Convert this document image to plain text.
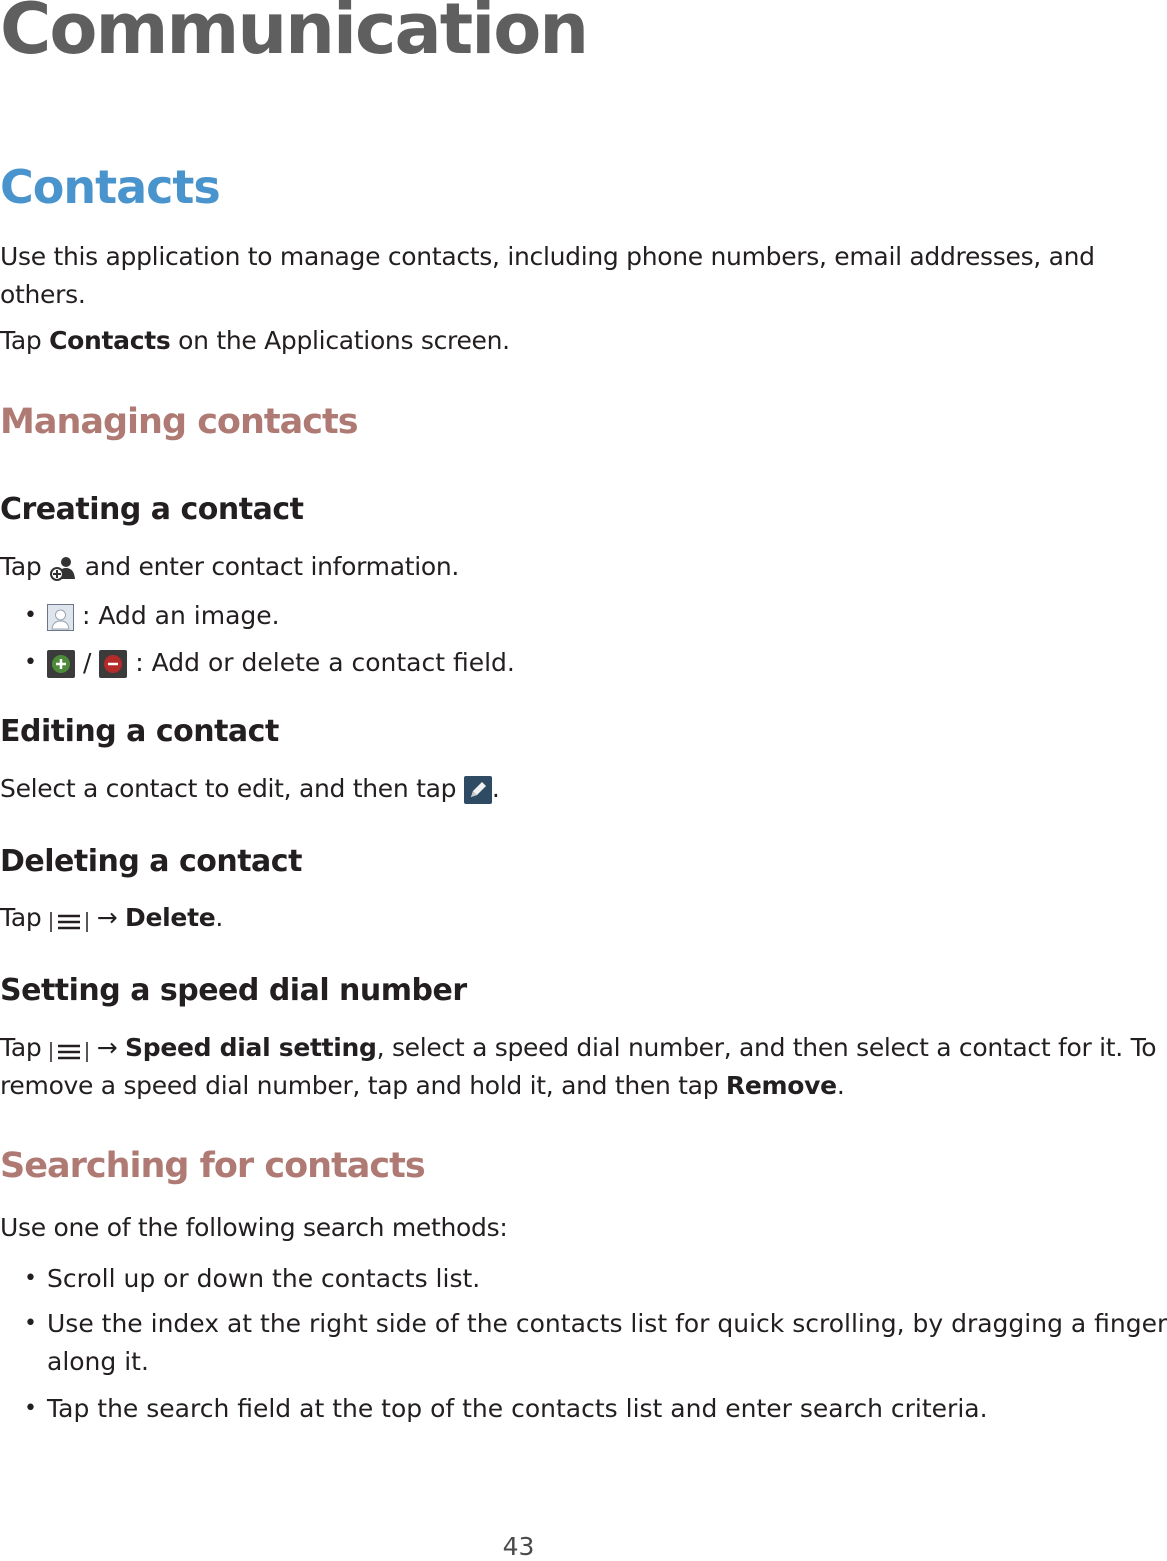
Communication
Contacts
Use this application to manage contacts, including phone numbers, email addresses, and
others.
Tap Contacts on the Applications screen.
Managing contacts
Creating a contact
Tap  and enter contact information.
•	: Add an image.
•	/  : Add or delete a contact field.
Editing a contact
Select a contact to edit, and then tap .
Deleting a contact
Tap  → Delete.
Setting a speed dial number
Tap  → Speed dial setting, select a speed dial number, and then select a contact for it. To
remove a speed dial number, tap and hold it, and then tap Remove.
Searching for contacts
Use one of the following search methods:
• Scroll up or down the contacts list.
• Use the index at the right side of the contacts list for quick scrolling, by dragging a finger
along it.
• Tap the search field at the top of the contacts list and enter search criteria.
43
